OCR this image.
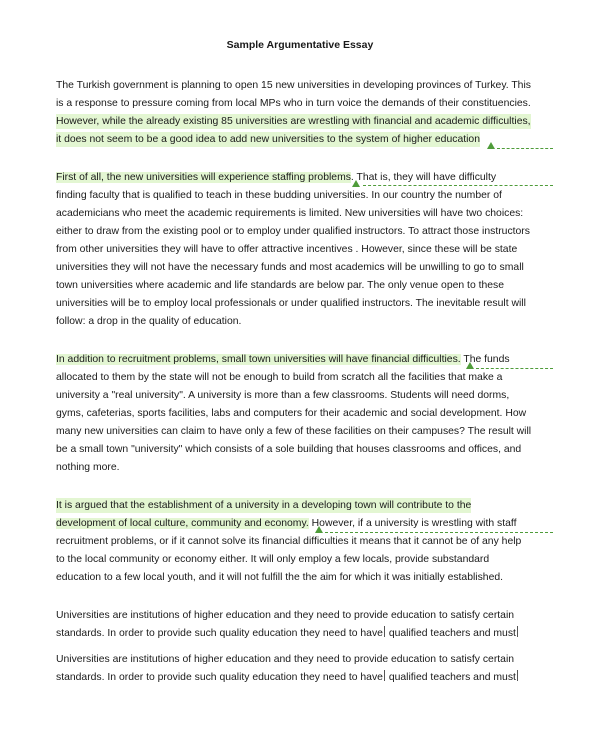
Sample Argumentative Essay
The Turkish government is planning to open 15 new universities in developing provinces of Turkey. This
is a response to pressure coming from local MPs who in turn voice the demands of their constituencies.
However, while the already existing 85 universities are wrestling with financial and academic difficulties,
it does not seem to be a good idea to add new universities to the system of higher education
First of all, the new universities will experience staffing problems. That is, they will have difficulty
finding faculty that is qualified to teach in these budding universities. In our country the number of
academicians who meet the academic requirements is limited. New universities will have two choices:
either to draw from the existing pool or to employ under qualified instructors. To attract those instructors
from other universities they will have to offer attractive incentives . However, since these will be state
universities they will not have the necessary funds and most academics will be unwilling to go to small
town universities where academic and life standards are below par. The only venue open to these
universities will be to employ local professionals or under qualified instructors. The inevitable result will
follow: a drop in the quality of education.
In addition to recruitment problems, small town universities will have financial difficulties. The funds
allocated to them by the state will not be enough to build from scratch all the facilities that make a
university a "real university". A university is more than a few classrooms. Students will need dorms,
gyms, cafeterias, sports facilities, labs and computers for their academic and social development. How
many new universities can claim to have only a few of these facilities on their campuses? The result will
be a small town "university" which consists of a sole building that houses classrooms and offices, and
nothing more.
It is argued that the establishment of a university in a developing town will contribute to the
development of local culture, community and economy. However, if a university is wrestling with staff
recruitment problems, or if it cannot solve its financial difficulties it means that it cannot be of any help
to the local community or economy either. It will only employ a few locals, provide substandard
education to a few local youth, and it will not fulfill the the aim for which it was initially established.
Universities are institutions of higher education and they need to provide education to satisfy certain
standards. In order to provide such quality education they need to have qualified teachers and must
Universities are institutions of higher education and they need to provide education to satisfy certain
standards. In order to provide such quality education they need to have qualified teachers and must
